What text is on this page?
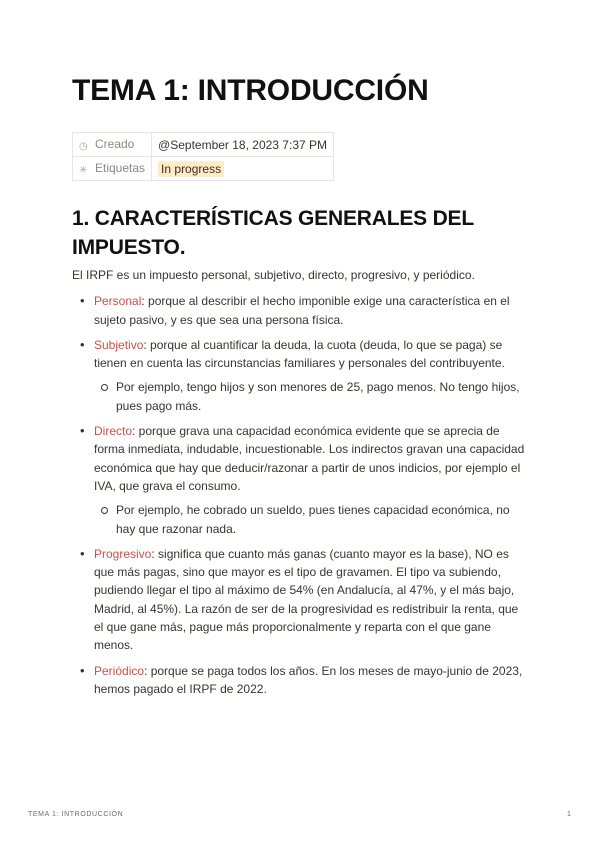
TEMA 1: INTRODUCCIÓN
◷ Creado	@September 18, 2023 7:37 PM
✳ Etiquetas	In progress
1. CARACTERÍSTICAS GENERALES DEL IMPUESTO.

El IRPF es un impuesto personal, subjetivo, directo, progresivo, y periódico.

• Personal: porque al describir el hecho imponible exige una característica en el sujeto pasivo, y es que sea una persona física.
• Subjetivo: porque al cuantificar la deuda, la cuota (deuda, lo que se paga) se tienen en cuenta las circunstancias familiares y personales del contribuyente.
Por ejemplo, tengo hijos y son menores de 25, pago menos. No tengo hijos, pues pago más.
• Directo: porque grava una capacidad económica evidente que se aprecia de forma inmediata, indudable, incuestionable. Los indirectos gravan una capacidad económica que hay que deducir/razonar a partir de unos indicios, por ejemplo el IVA, que grava el consumo.
Por ejemplo, he cobrado un sueldo, pues tienes capacidad económica, no hay que razonar nada.
• Progresivo: significa que cuanto más ganas (cuanto mayor es la base), NO es que más pagas, sino que mayor es el tipo de gravamen. El tipo va subiendo, pudiendo llegar el tipo al máximo de 54% (en Andalucía, al 47%, y el más bajo, Madrid, al 45%). La razón de ser de la progresividad es redistribuir la renta, que el que gane más, pague más proporcionalmente y reparta con el que gane menos.
• Periódico: porque se paga todos los años. En los meses de mayo-junio de 2023, hemos pagado el IRPF de 2022.
TEMA 1: INTRODUCCIÓN	1
